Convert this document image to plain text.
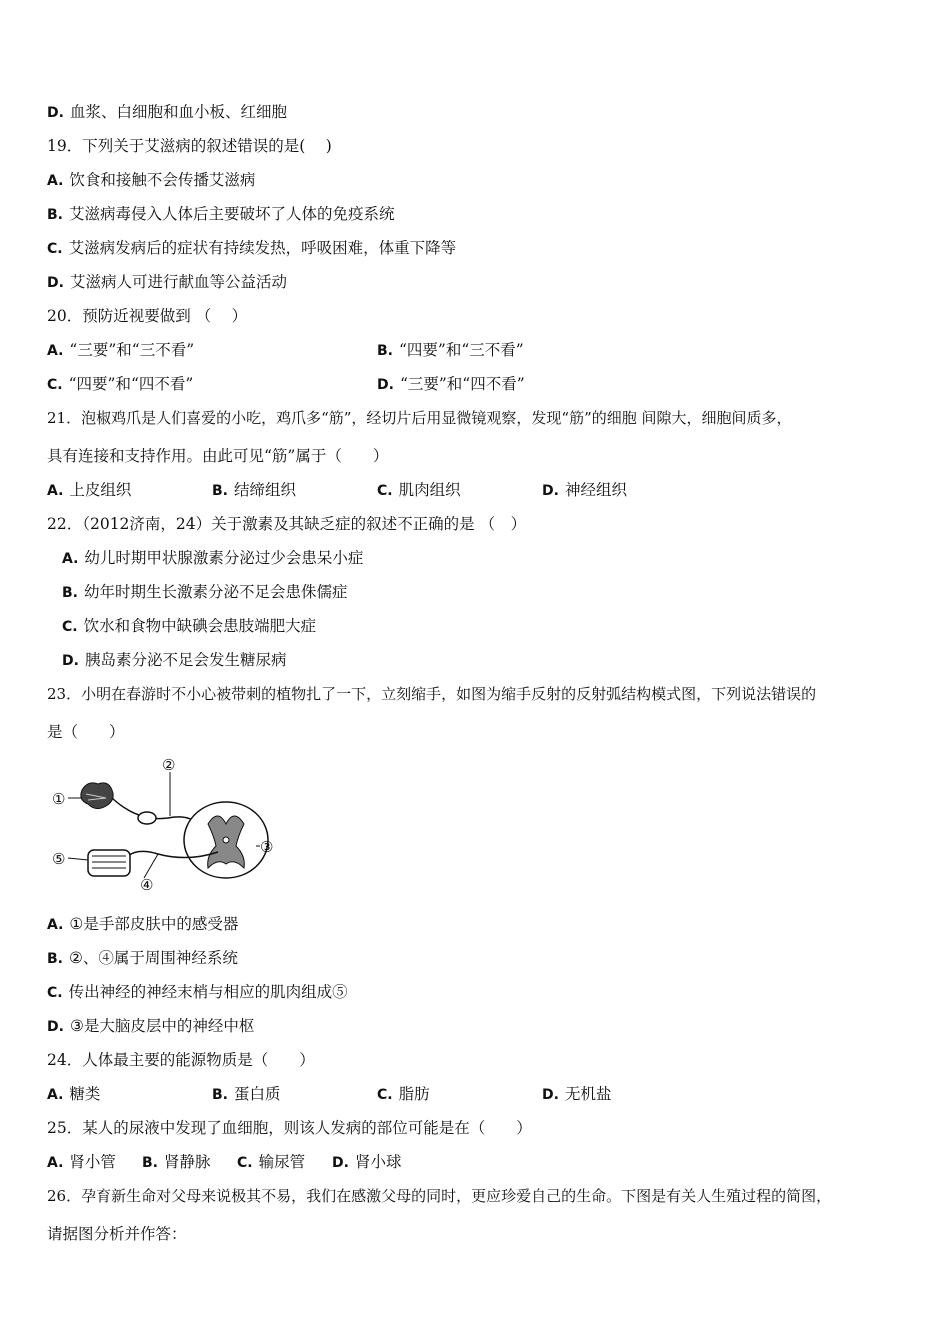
D. 血浆、白细胞和血小板、红细胞
19．下列关于艾滋病的叙述错误的是(　 )
A. 饮食和接触不会传播艾滋病
B. 艾滋病毒侵入人体后主要破坏了人体的免疫系统
C. 艾滋病发病后的症状有持续发热，呼吸困难，体重下降等
D. 艾滋病人可进行献血等公益活动
20．预防近视要做到 （　 ）
A. “三要”和“三不看”	B. “四要”和“三不看”
C. “四要”和“四不看”	D. “三要”和“四不看”
21．泡椒鸡爪是人们喜爱的小吃，鸡爪多“筋”，经切片后用显微镜观察，发现“筋”的细胞 间隙大，细胞间质多，
具有连接和支持作用。由此可见“筋”属于（　　）
A. 上皮组织	B. 结缔组织	C. 肌肉组织	D. 神经组织
22．（2012济南，24）关于激素及其缺乏症的叙述不正确的是 （　）
A. 幼儿时期甲状腺激素分泌过少会患呆小症
B. 幼年时期生长激素分泌不足会患侏儒症
C. 饮水和食物中缺碘会患肢端肥大症
D. 胰岛素分泌不足会发生糖尿病
23．小明在春游时不小心被带刺的植物扎了一下，立刻缩手，如图为缩手反射的反射弧结构模式图，下列说法错误的
是（　　）
①
②
③
④
⑤
A. ①是手部皮肤中的感受器
B. ②、④属于周围神经系统
C. 传出神经的神经末梢与相应的肌肉组成⑤
D. ③是大脑皮层中的神经中枢
24．人体最主要的能源物质是（　　）
A. 糖类	B. 蛋白质	C. 脂肪	D. 无机盐
25．某人的尿液中发现了血细胞，则该人发病的部位可能是在（　　）
A. 肾小管 B. 肾静脉 C. 输尿管 D. 肾小球
26．孕育新生命对父母来说极其不易，我们在感激父母的同时，更应珍爱自己的生命。下图是有关人生殖过程的简图，
请据图分析并作答：
